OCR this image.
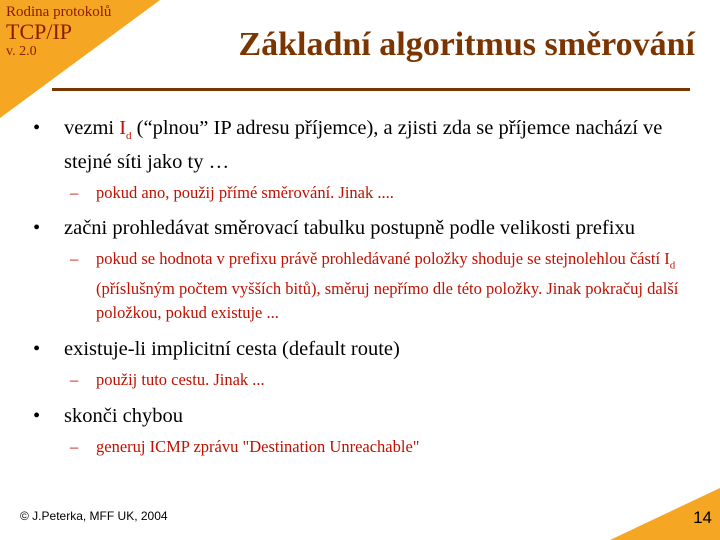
Rodina protokolů
TCP/IP
v. 2.0	Základní algoritmus směrování
• vezmi $I_d$ (“plnou” IP adresu příjemce), a zjisti zda se příjemce nachází ve stejné síti jako ty …
– pokud ano, použij přímé směrování. Jinak ....
• začni prohledávat směrovací tabulku postupně podle velikosti prefixu
– pokud se hodnota v prefixu právě prohledávané položky shoduje se stejnolehlou částí $I_d$ (příslušným počtem vyšších bitů), směruj nepřímo dle této položky. Jinak pokračuj další položkou, pokud existuje ...
• existuje-li implicitní cesta (default route)
– použij tuto cestu. Jinak ...
• skonči chybou
– generuj ICMP zprávu "Destination Unreachable"
© J.Peterka, MFF UK, 2004	14
